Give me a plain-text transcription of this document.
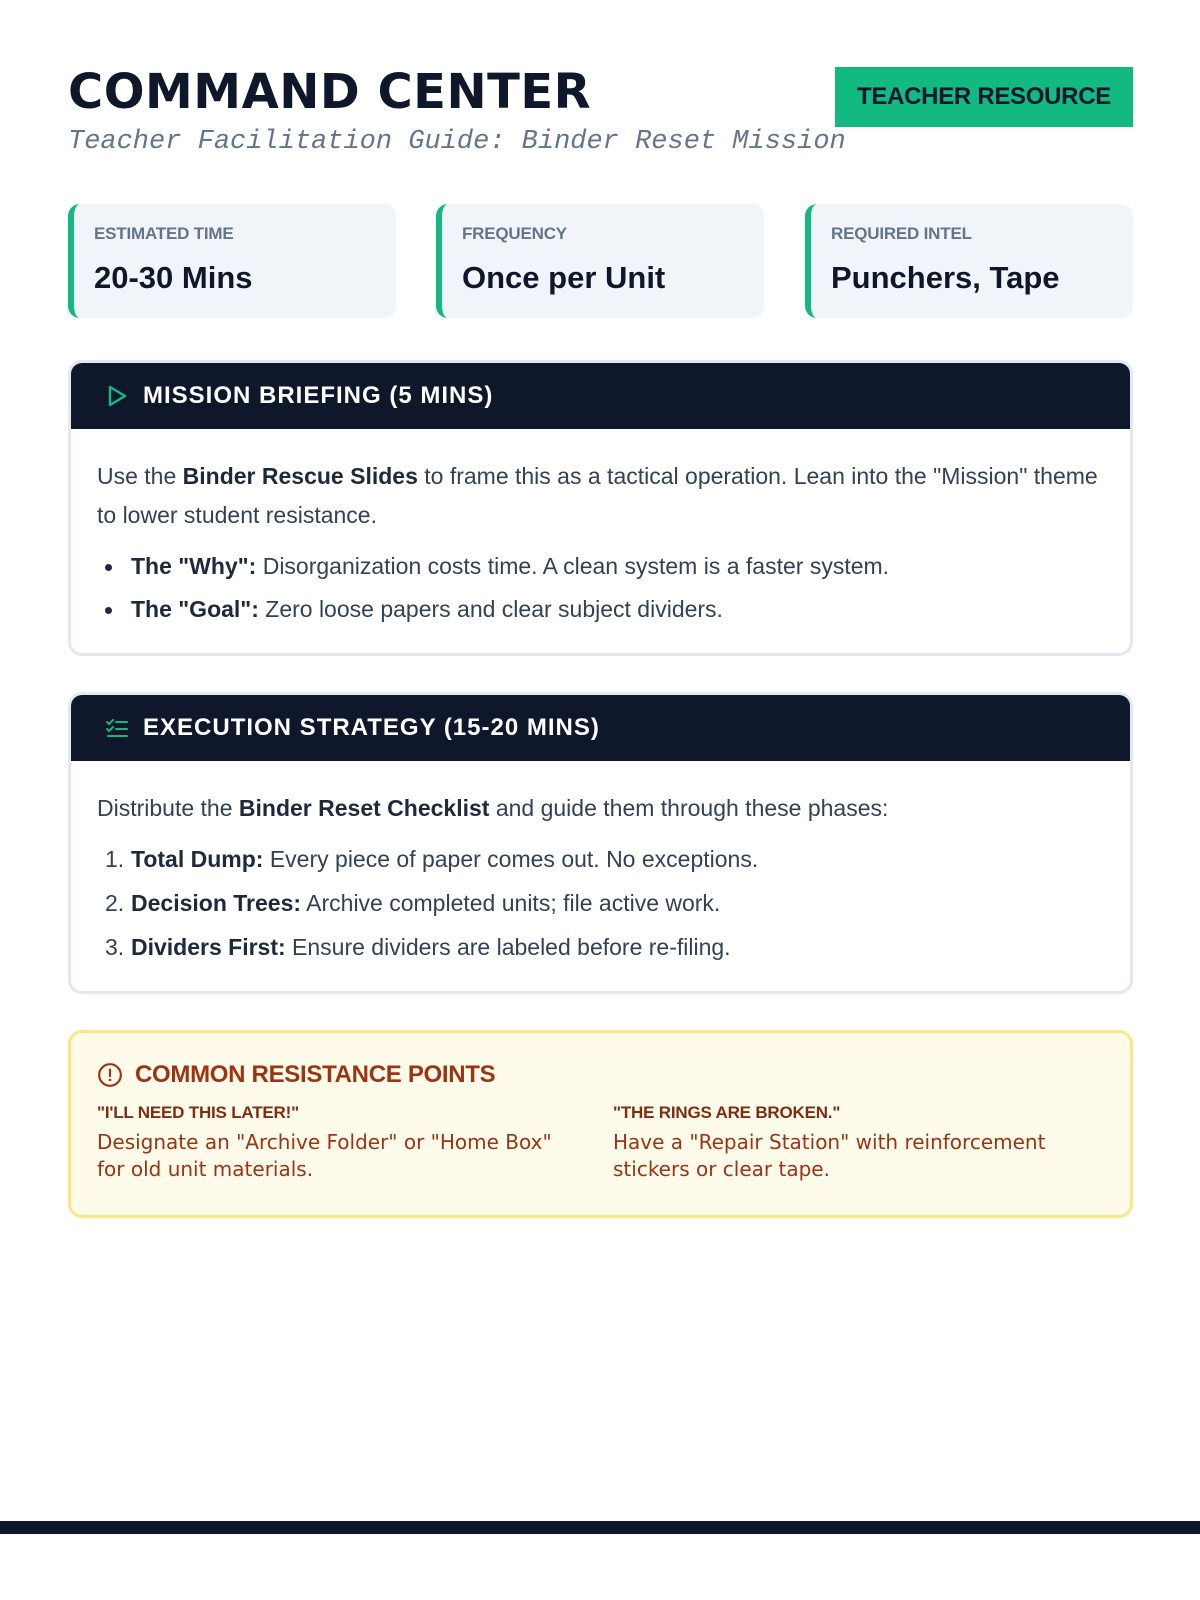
COMMAND CENTER
Teacher Facilitation Guide: Binder Reset Mission
TEACHER RESOURCE
ESTIMATED TIME
20-30 Mins
FREQUENCY
Once per Unit
REQUIRED INTEL
Punchers, Tape
MISSION BRIEFING (5 MINS)

Use the Binder Rescue Slides to frame this as a tactical operation. Lean into the "Mission" theme to lower student resistance.

The "Why": Disorganization costs time. A clean system is a faster system.
The "Goal": Zero loose papers and clear subject dividers.
EXECUTION STRATEGY (15-20 MINS)

Distribute the Binder Reset Checklist and guide them through these phases:

1. Total Dump: Every piece of paper comes out. No exceptions.
2. Decision Trees: Archive completed units; file active work.
3. Dividers First: Ensure dividers are labeled before re-filing.
COMMON RESISTANCE POINTS
"I'LL NEED THIS LATER!"
Designate an "Archive Folder" or "Home Box" for old unit materials.
"THE RINGS ARE BROKEN."
Have a "Repair Station" with reinforcement stickers or clear tape.
